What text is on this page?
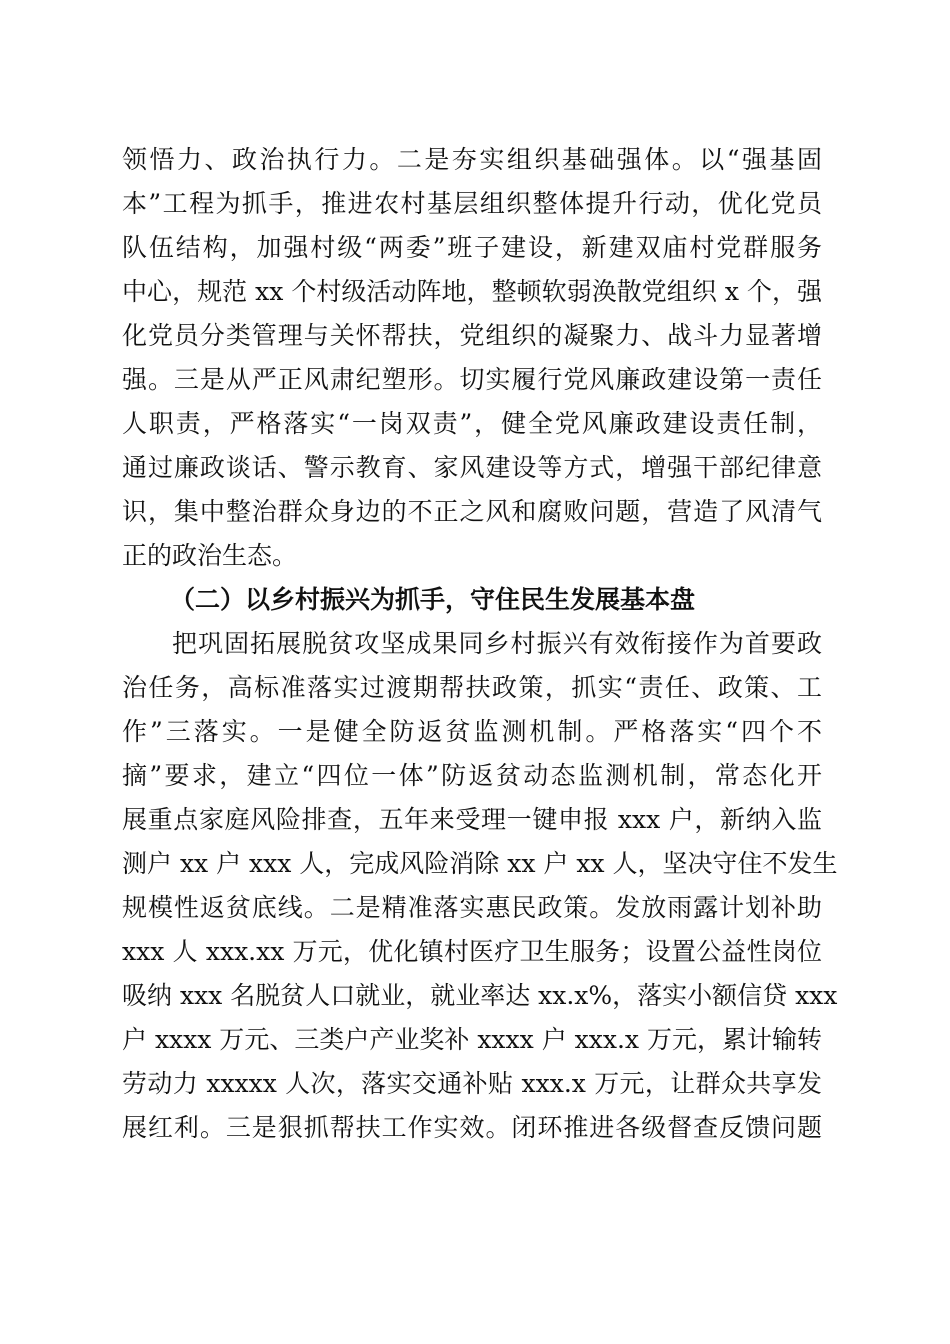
领悟力、政治执行力。二是夯实组织基础强体。以“强基固
本”工程为抓手，推进农村基层组织整体提升行动，优化党员
队伍结构，加强村级“两委”班子建设，新建双庙村党群服务
中心，规范 xx 个村级活动阵地，整顿软弱涣散党组织 x 个，强
化党员分类管理与关怀帮扶，党组织的凝聚力、战斗力显著增
强。三是从严正风肃纪塑形。切实履行党风廉政建设第一责任
人职责，严格落实“一岗双责”，健全党风廉政建设责任制，
通过廉政谈话、警示教育、家风建设等方式，增强干部纪律意
识，集中整治群众身边的不正之风和腐败问题，营造了风清气
正的政治生态。
（二）以乡村振兴为抓手，守住民生发展基本盘
把巩固拓展脱贫攻坚成果同乡村振兴有效衔接作为首要政
治任务，高标准落实过渡期帮扶政策，抓实“责任、政策、工
作”三落实。一是健全防返贫监测机制。严格落实“四个不
摘”要求，建立“四位一体”防返贫动态监测机制，常态化开
展重点家庭风险排查，五年来受理一键申报 xxx 户，新纳入监
测户 xx 户 xxx 人，完成风险消除 xx 户 xx 人，坚决守住不发生
规模性返贫底线。二是精准落实惠民政策。发放雨露计划补助
xxx 人 xxx.xx 万元，优化镇村医疗卫生服务；设置公益性岗位
吸纳 xxx 名脱贫人口就业，就业率达 xx.x%，落实小额信贷 xxx
户 xxxx 万元、三类户产业奖补 xxxx 户 xxx.x 万元，累计输转
劳动力 xxxxx 人次，落实交通补贴 xxx.x 万元，让群众共享发
展红利。三是狠抓帮扶工作实效。闭环推进各级督查反馈问题
